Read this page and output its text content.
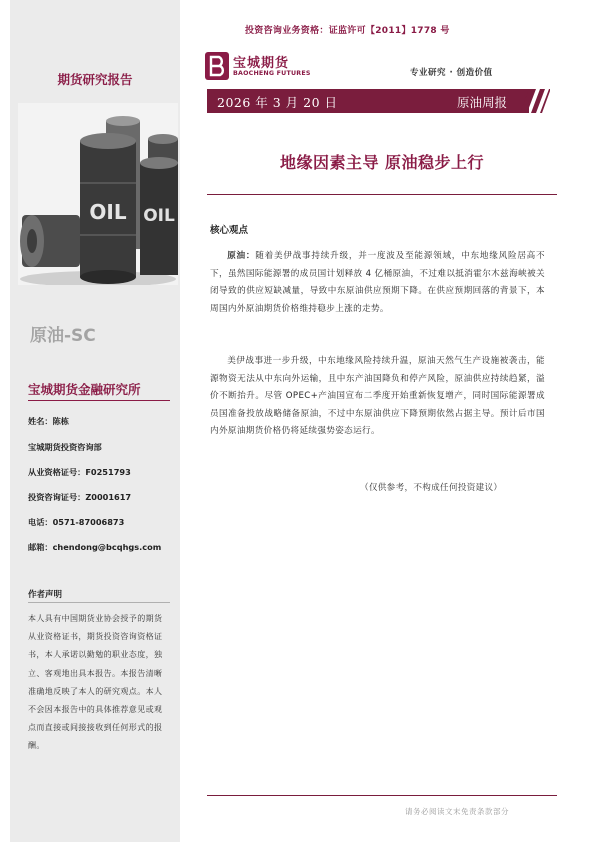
期货研究报告
OIL OIL
原油-SC
宝城期货金融研究所
姓名：陈栋
宝城期货投资咨询部
从业资格证号：F0251793
投资咨询证号：Z0001617
电话：0571-87006873
邮箱：chendong@bcqhgs.com
作者声明
本人具有中国期货业协会授予的期货从业资格证书，期货投资咨询资格证书，本人承诺以勤勉的职业态度，独立、客观地出具本报告。本报告清晰准确地反映了本人的研究观点。本人不会因本报告中的具体推荐意见或观点而直接或间接接收到任何形式的报酬。
投资咨询业务资格：证监许可【2011】1778 号
宝城期货
BAOCHENG FUTURES	专业研究 · 创造价值
2026 年 3 月 20 日	原油周报
地缘因素主导 原油稳步上行
核心观点
原油：随着美伊战事持续升级，并一度波及至能源领域，中东地缘风险居高不下，虽然国际能源署的成员国计划释放 4 亿桶原油，不过难以抵消霍尔木兹海峡被关闭导致的供应短缺减量，导致中东原油供应预期下降。在供应预期回落的背景下，本周国内外原油期货价格维持稳步上涨的走势。
美伊战事进一步升级，中东地缘风险持续升温，原油天然气生产设施被袭击，能源物资无法从中东向外运输，且中东产油国降负和停产风险，原油供应持续趋紧，溢价不断抬升。尽管 OPEC+产油国宣布二季度开始重新恢复增产，同时国际能源署成员国准备投放战略储备原油，不过中东原油供应下降预期依然占据主导。预计后市国内外原油期货价格仍将延续强势姿态运行。
（仅供参考，不构成任何投资建议）
请务必阅读文末免责条款部分
